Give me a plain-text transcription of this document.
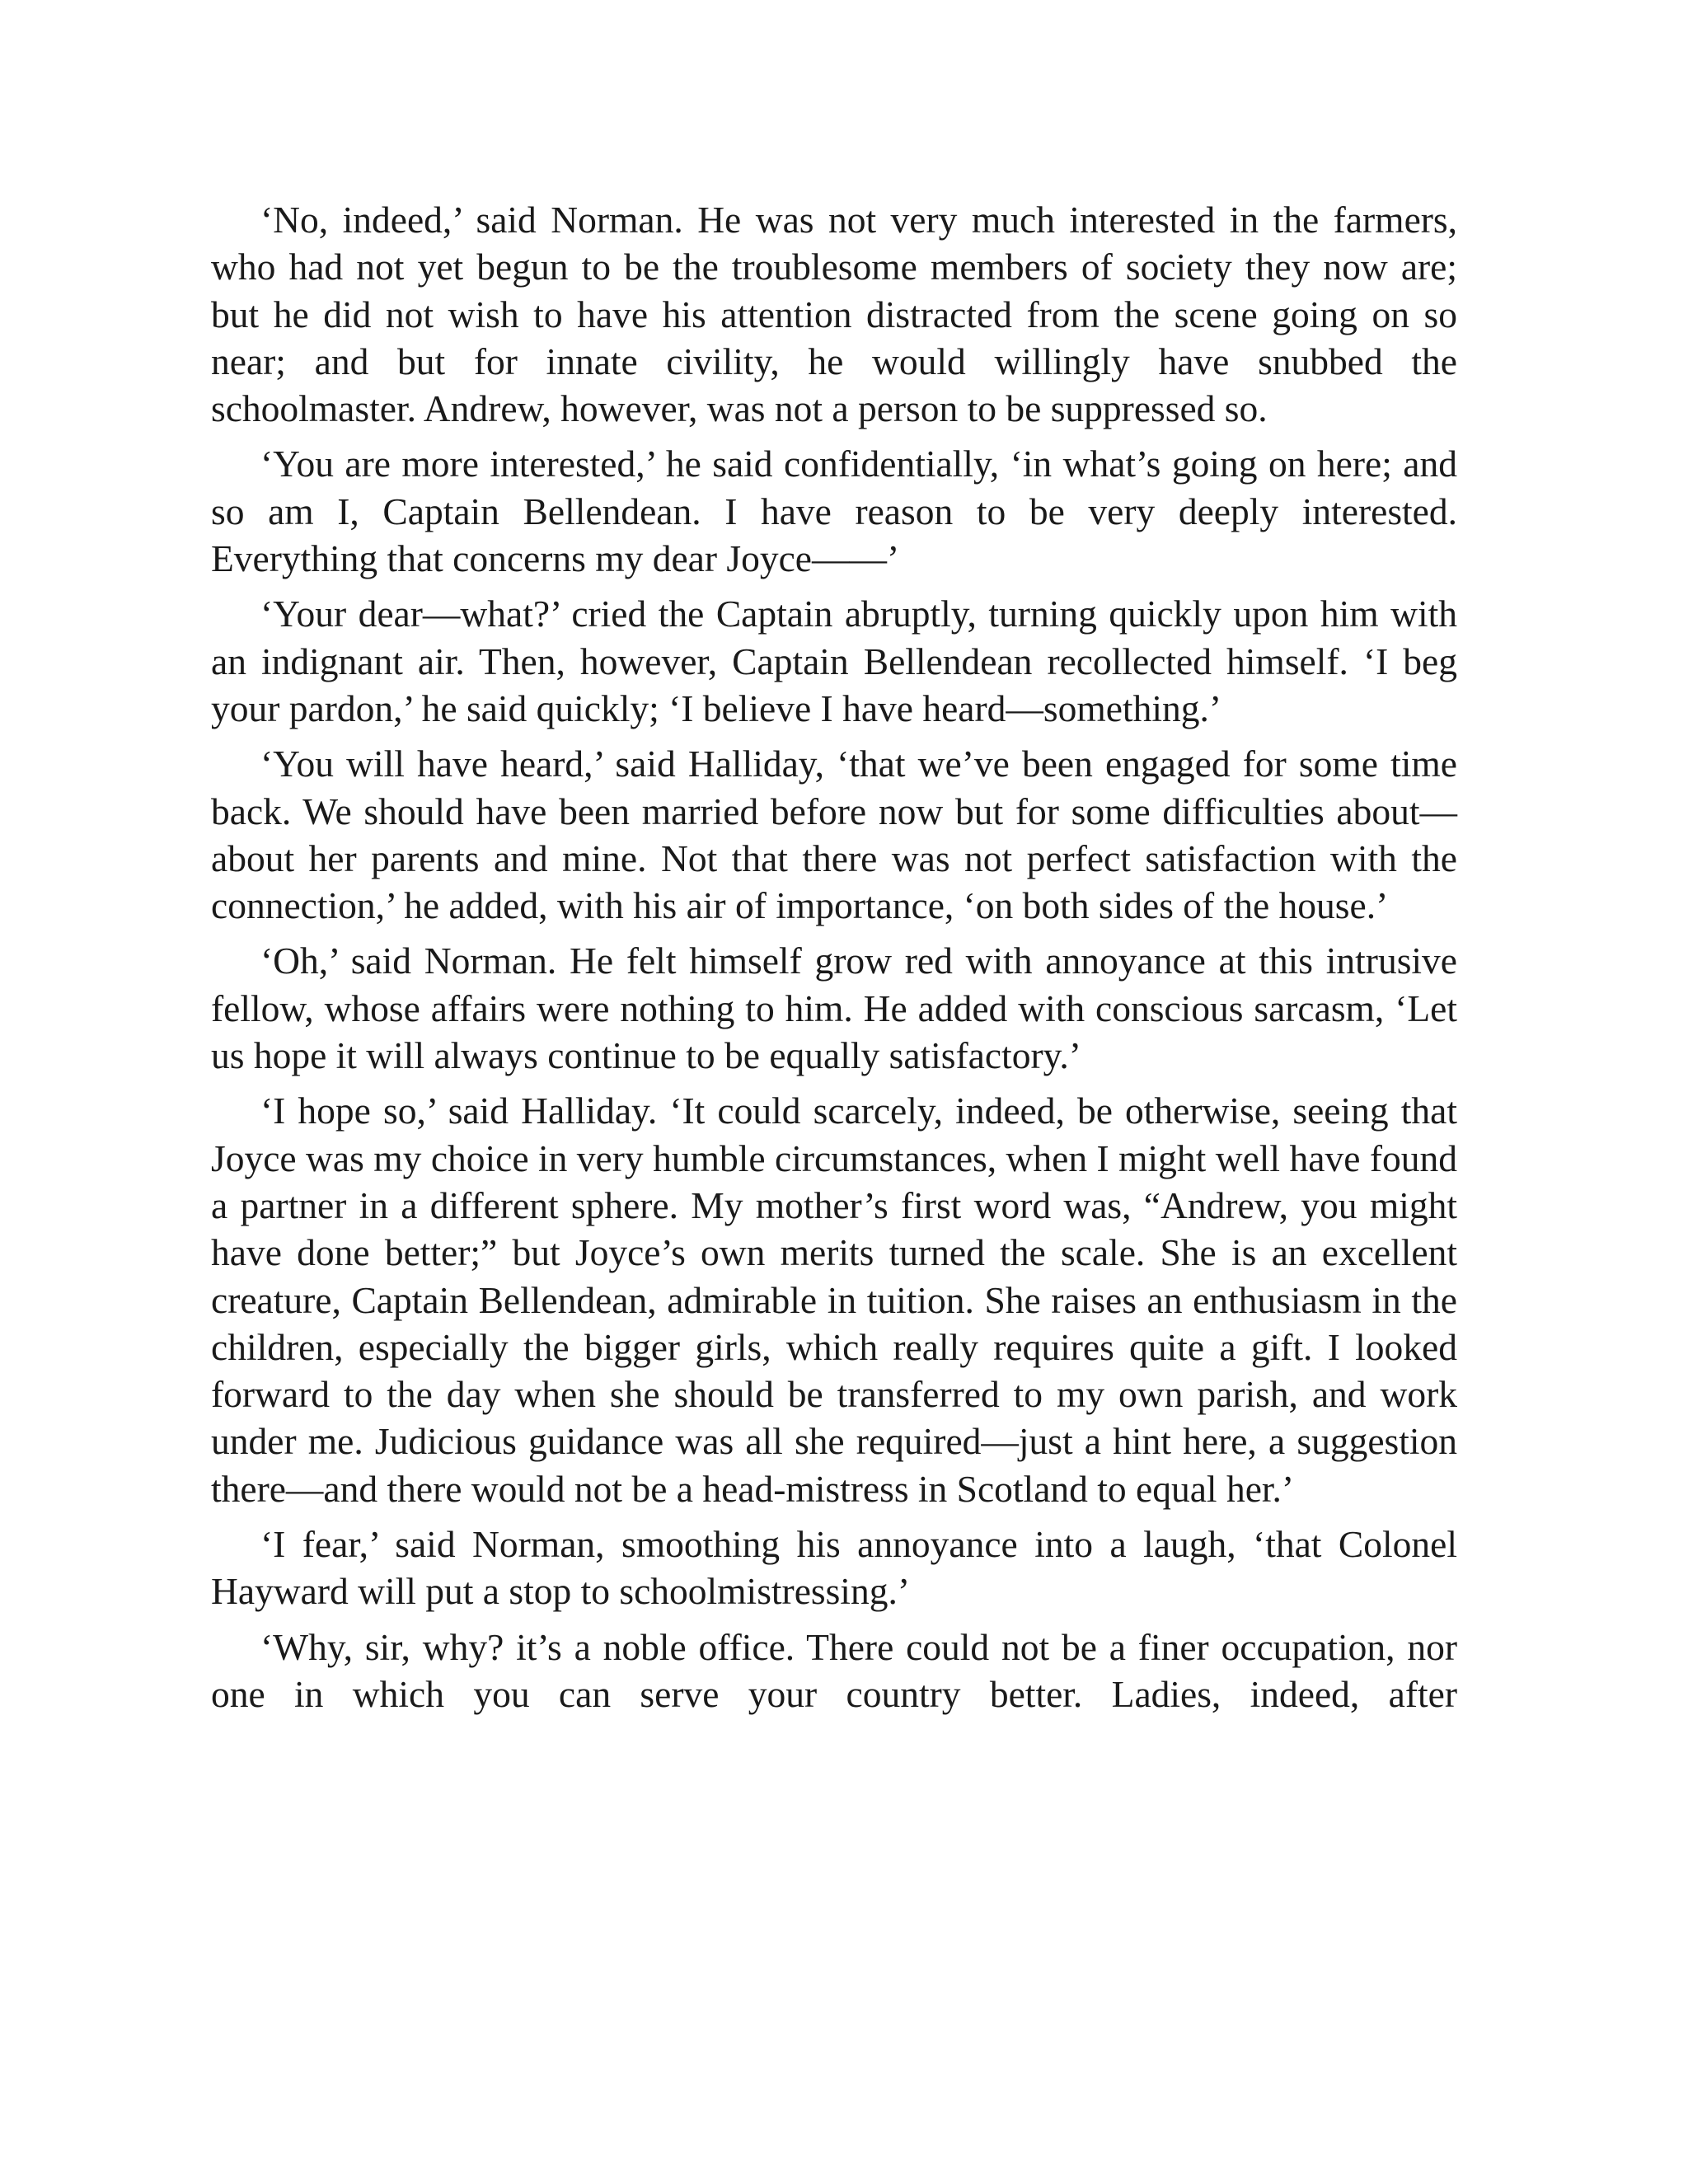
‘No, indeed,’ said Norman. He was not very much interested in the farmers, who had not yet begun to be the troublesome members of society they now are; but he did not wish to have his attention distracted from the scene going on so near; and but for innate civility, he would willingly have snubbed the schoolmaster. Andrew, however, was not a person to be suppressed so.

‘You are more interested,’ he said confidentially, ‘in what’s going on here; and so am I, Captain Bellendean. I have reason to be very deeply interested. Everything that concerns my dear Joyce——’

‘Your dear—what?’ cried the Captain abruptly, turning quickly upon him with an indignant air. Then, however, Captain Bellendean recollected himself. ‘I beg your pardon,’ he said quickly; ‘I believe I have heard—something.’

‘You will have heard,’ said Halliday, ‘that we’ve been engaged for some time back. We should have been married before now but for some difficulties about—about her parents and mine. Not that there was not perfect satisfaction with the connection,’ he added, with his air of importance, ‘on both sides of the house.’

‘Oh,’ said Norman. He felt himself grow red with annoyance at this intrusive fellow, whose affairs were nothing to him. He added with conscious sarcasm, ‘Let us hope it will always continue to be equally satisfactory.’

‘I hope so,’ said Halliday. ‘It could scarcely, indeed, be otherwise, seeing that Joyce was my choice in very humble circumstances, when I might well have found a partner in a different sphere. My mother’s first word was, “Andrew, you might have done better;” but Joyce’s own merits turned the scale. She is an excellent creature, Captain Bellendean, admirable in tuition. She raises an enthusiasm in the children, especially the bigger girls, which really requires quite a gift. I looked forward to the day when she should be transferred to my own parish, and work under me. Judicious guidance was all she required—just a hint here, a suggestion there—and there would not be a head-mistress in Scotland to equal her.’

‘I fear,’ said Norman, smoothing his annoyance into a laugh, ‘that Colonel Hayward will put a stop to schoolmistressing.’

‘Why, sir, why? it’s a noble office. There could not be a finer occupation, nor one in which you can serve your country better. Ladies, indeed, after
